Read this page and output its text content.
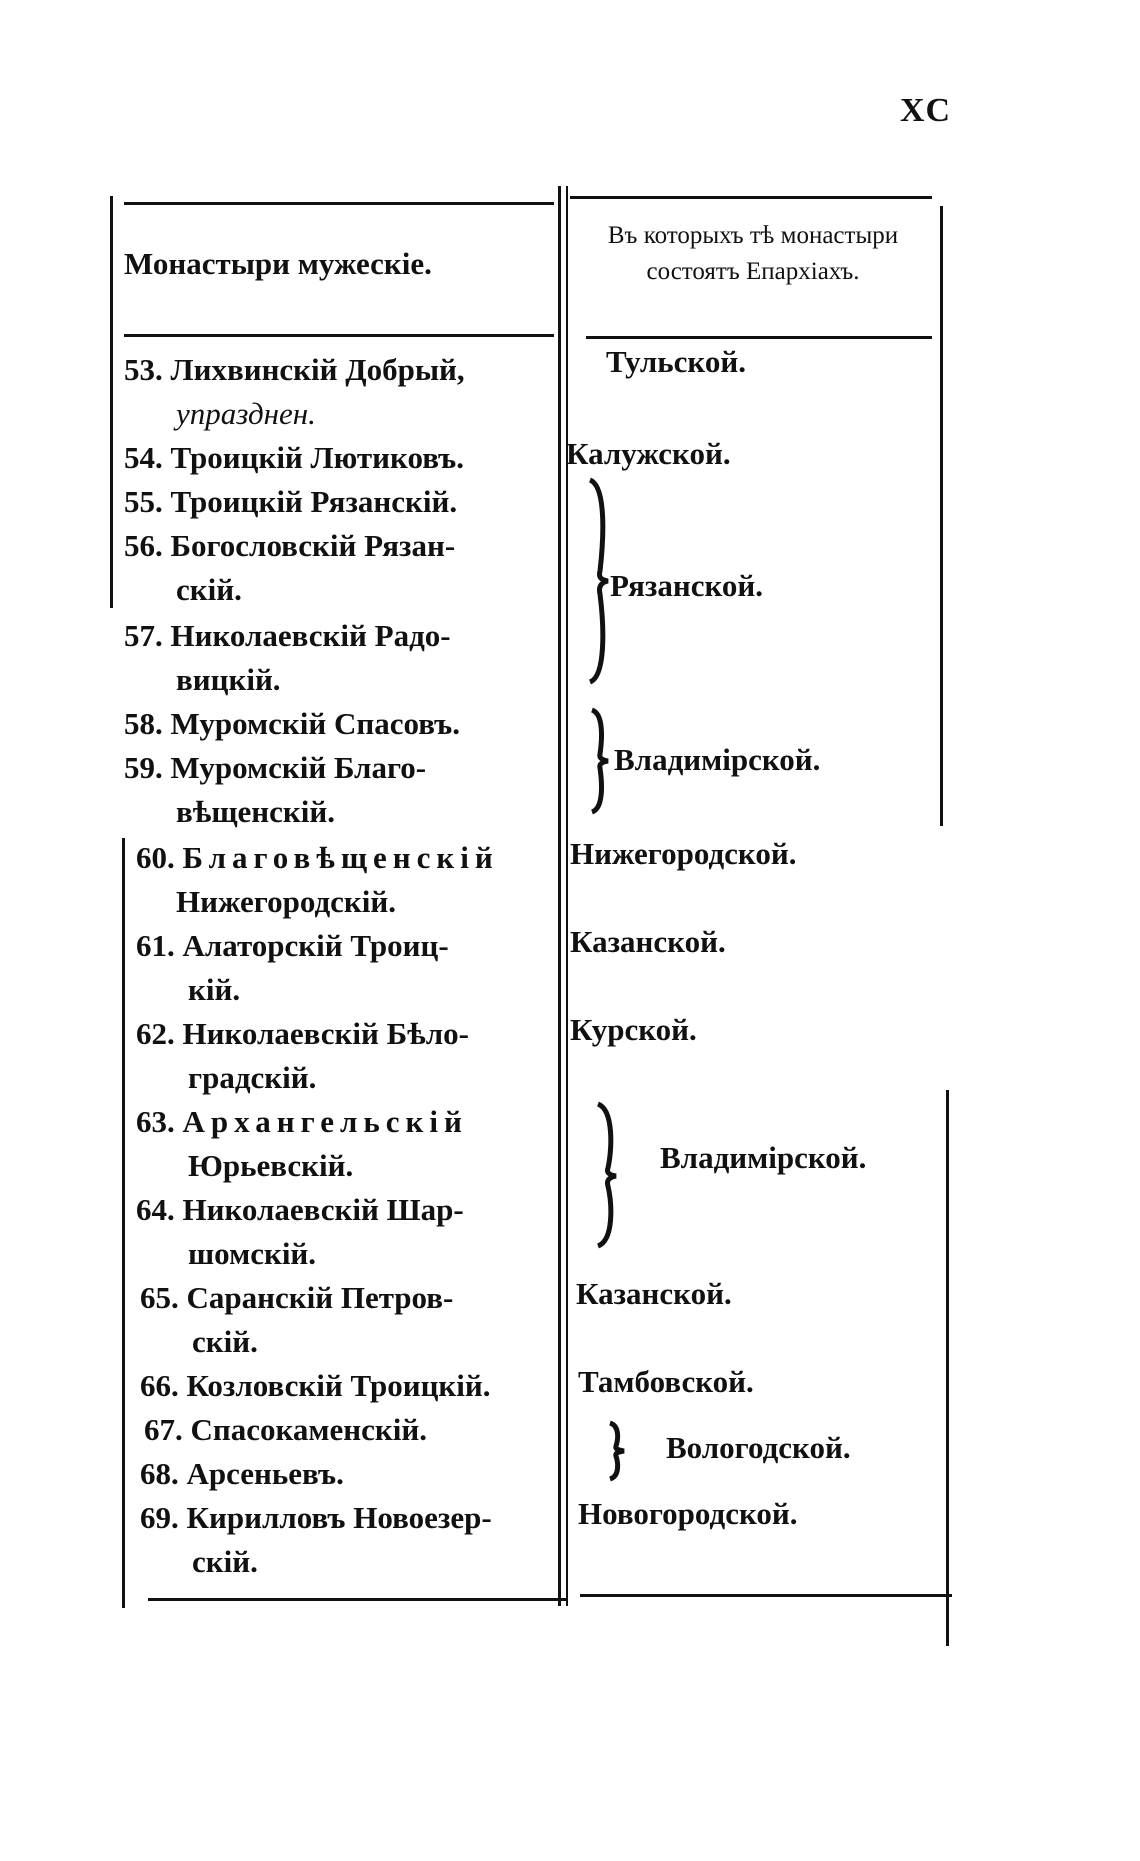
XC
Монастыри мужескіе.
Въ которыхъ тѣ монастыри состоятъ Епархіахъ.
53. Лихвинскій Добрый,
упразднен.
54. Троицкій Лютиковъ.
55. Троицкій Рязанскій.
56. Богословскій Рязан-
скій.
57. Николаевскій Радо-
вицкій.
58. Муромскій Спасовъ.
59. Муромскій Благо-
вѣщенскій.
60. Благовѣщенскій
Нижегородскій.
61. Алаторскій Троиц-
кій.
62. Николаевскій Бѣло-
градскій.
63. Архангельскій
Юрьевскій.
64. Николаевскій Шар-
шомскій.
65. Саранскій Петров-
скій.
66. Козловскій Троицкій.
67. Спасокаменскій.
68. Арсеньевъ.
69. Кирилловъ Новоезер-
скій.
Тульской.
Калужской.
Рязанской.
Владимірской.
Нижегородской.
Казанской.
Курской.
Владимірской.
Казанской.
Тамбовской.
Вологодской.
Новогородской.
